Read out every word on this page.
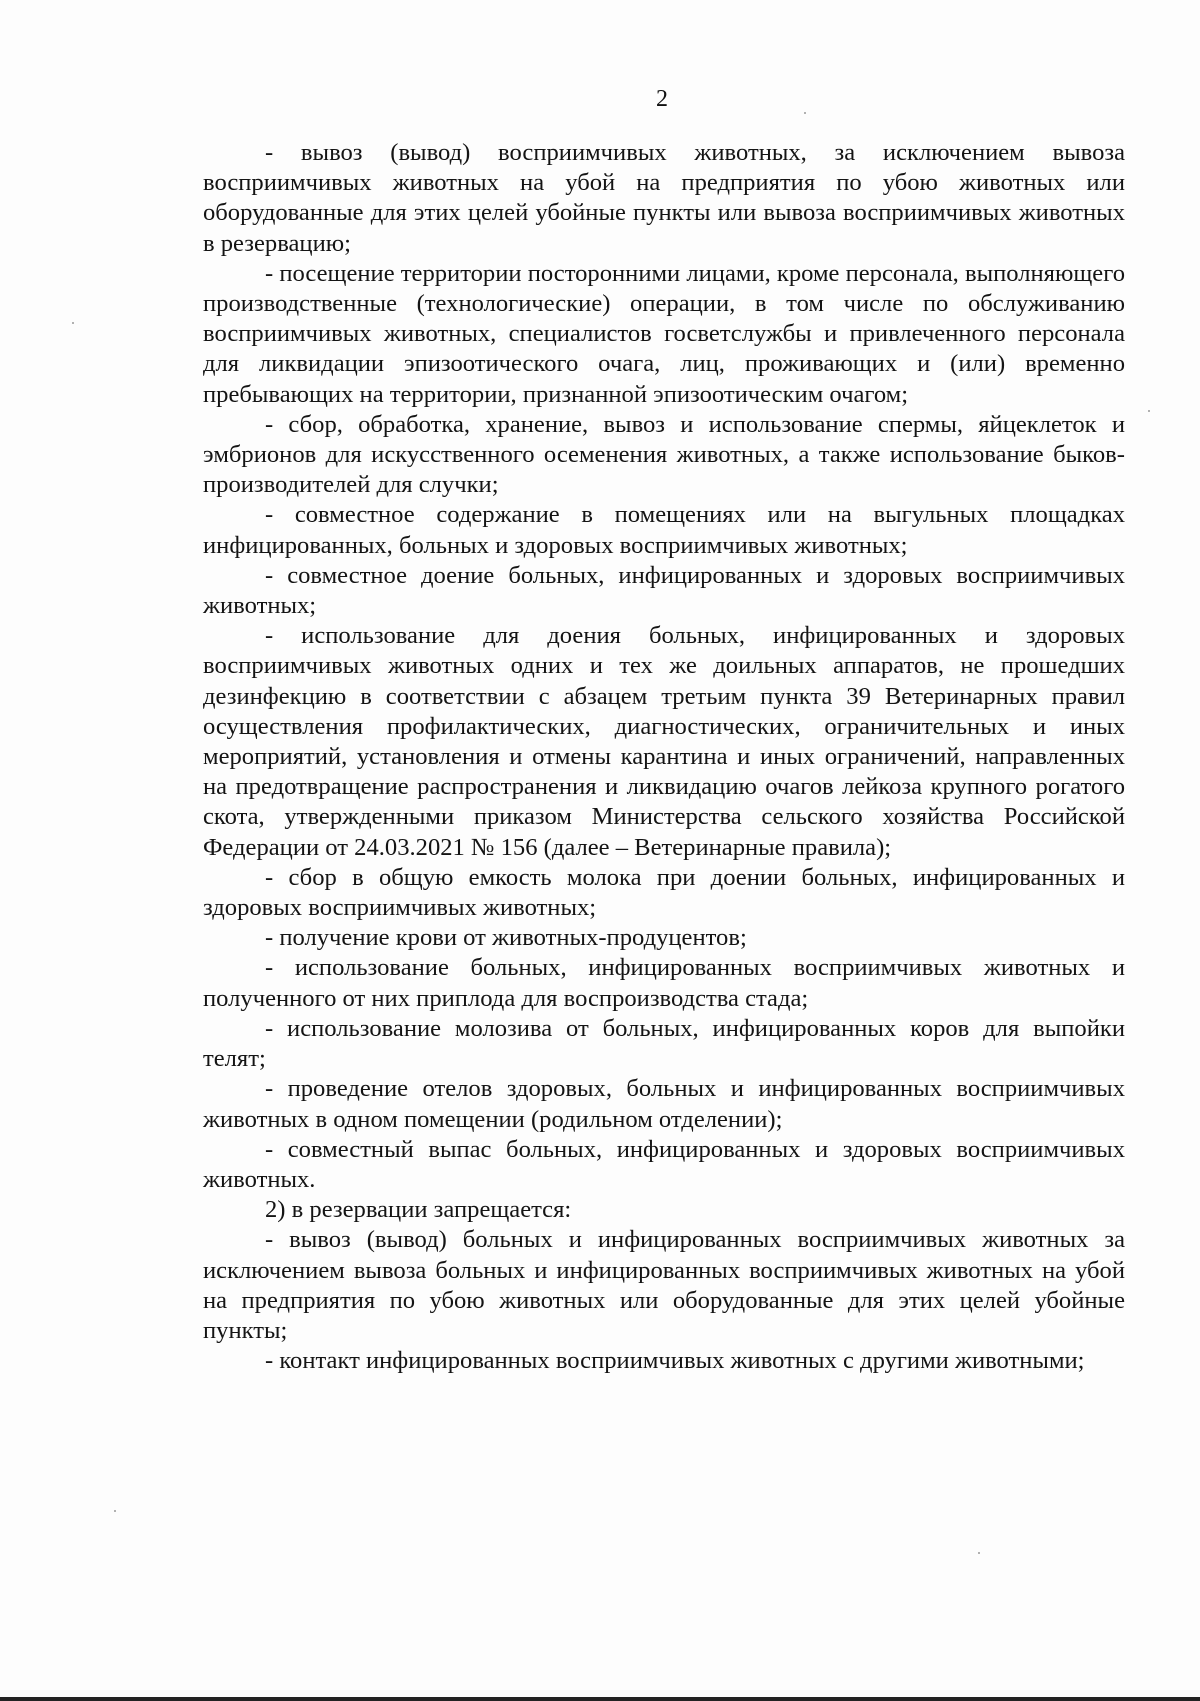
2

- вывоз (вывод) восприимчивых животных, за исключением вывоза восприимчивых животных на убой на предприятия по убою животных или оборудованные для этих целей убойные пункты или вывоза восприимчивых животных в резервацию;

- посещение территории посторонними лицами, кроме персонала, выполняющего производственные (технологические) операции, в том числе по обслуживанию восприимчивых животных, специалистов госветслужбы и привлеченного персонала для ликвидации эпизоотического очага, лиц, проживающих и (или) временно пребывающих на территории, признанной эпизоотическим очагом;

- сбор, обработка, хранение, вывоз и использование спермы, яйцеклеток и эмбрионов для искусственного осеменения животных, а также использование быков-производителей для случки;

- совместное содержание в помещениях или на выгульных площадках инфицированных, больных и здоровых восприимчивых животных;

- совместное доение больных, инфицированных и здоровых восприимчивых животных;

- использование для доения больных, инфицированных и здоровых восприимчивых животных одних и тех же доильных аппаратов, не прошедших дезинфекцию в соответствии с абзацем третьим пункта 39 Ветеринарных правил осуществления профилактических, диагностических, ограничительных и иных мероприятий, установления и отмены карантина и иных ограничений, направленных на предотвращение распространения и ликвидацию очагов лейкоза крупного рогатого скота, утвержденными приказом Министерства сельского хозяйства Российской Федерации от 24.03.2021 № 156 (далее – Ветеринарные правила);

- сбор в общую емкость молока при доении больных, инфицированных и здоровых восприимчивых животных;

- получение крови от животных-продуцентов;

- использование больных, инфицированных восприимчивых животных и полученного от них приплода для воспроизводства стада;

- использование молозива от больных, инфицированных коров для выпойки телят;

- проведение отелов здоровых, больных и инфицированных восприимчивых животных в одном помещении (родильном отделении);

- совместный выпас больных, инфицированных и здоровых восприимчивых животных.

2) в резервации запрещается:

- вывоз (вывод) больных и инфицированных восприимчивых животных за исключением вывоза больных и инфицированных восприимчивых животных на убой на предприятия по убою животных или оборудованные для этих целей убойные пункты;

- контакт инфицированных восприимчивых животных с другими животными;
